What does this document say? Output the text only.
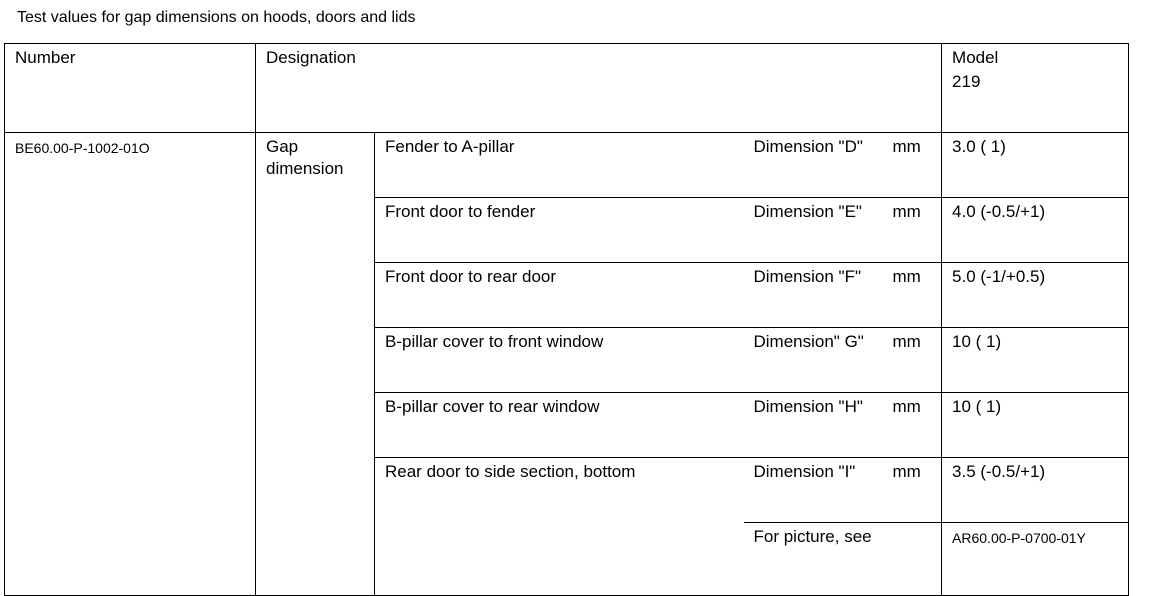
Test values for gap dimensions on hoods, doors and lids
Number	Designation				Model
219

BE60.00-P-1002-01O	Gap dimension	Fender to A-pillar	Dimension "D"	mm	3.0 ( 1)
		Front door to fender	Dimension "E"	mm	4.0 (-0.5/+1)
		Front door to rear door	Dimension "F"	mm	5.0 (-1/+0.5)
		B-pillar cover to front window	Dimension" G"	mm	10 ( 1)
		B-pillar cover to rear window	Dimension "H"	mm	10 ( 1)
		Rear door to side section, bottom	Dimension "I"	mm	3.5 (-0.5/+1)
			For picture, see		AR60.00-P-0700-01Y
